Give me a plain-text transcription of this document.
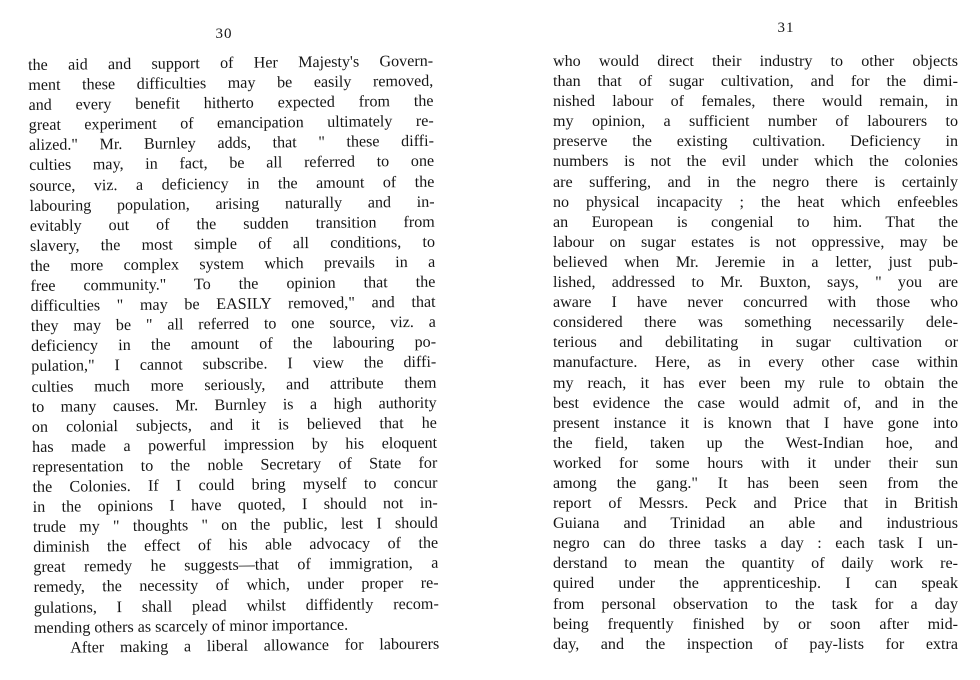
30
the aid and support of Her Majesty's Govern-
ment these difficulties may be easily removed,
and every benefit hitherto expected from the
great experiment of emancipation ultimately re-
alized." Mr. Burnley adds, that " these diffi-
culties may, in fact, be all referred to one
source, viz. a deficiency in the amount of the
labouring population, arising naturally and in-
evitably out of the sudden transition from
slavery, the most simple of all conditions, to
the more complex system which prevails in a
free community." To the opinion that the
difficulties " may be EASILY removed," and that
they may be " all referred to one source, viz. a
deficiency in the amount of the labouring po-
pulation," I cannot subscribe. I view the diffi-
culties much more seriously, and attribute them
to many causes. Mr. Burnley is a high authority
on colonial subjects, and it is believed that he
has made a powerful impression by his eloquent
representation to the noble Secretary of State for
the Colonies. If I could bring myself to concur
in the opinions I have quoted, I should not in-
trude my " thoughts " on the public, lest I should
diminish the effect of his able advocacy of the
great remedy he suggests—that of immigration, a
remedy, the necessity of which, under proper re-
gulations, I shall plead whilst diffidently recom-
mending others as scarcely of minor importance.
After making a liberal allowance for labourers
31
who would direct their industry to other objects
than that of sugar cultivation, and for the dimi-
nished labour of females, there would remain, in
my opinion, a sufficient number of labourers to
preserve the existing cultivation. Deficiency in
numbers is not the evil under which the colonies
are suffering, and in the negro there is certainly
no physical incapacity ; the heat which enfeebles
an European is congenial to him. That the
labour on sugar estates is not oppressive, may be
believed when Mr. Jeremie in a letter, just pub-
lished, addressed to Mr. Buxton, says, " you are
aware I have never concurred with those who
considered there was something necessarily dele-
terious and debilitating in sugar cultivation or
manufacture. Here, as in every other case within
my reach, it has ever been my rule to obtain the
best evidence the case would admit of, and in the
present instance it is known that I have gone into
the field, taken up the West-Indian hoe, and
worked for some hours with it under their sun
among the gang." It has been seen from the
report of Messrs. Peck and Price that in British
Guiana and Trinidad an able and industrious
negro can do three tasks a day : each task I un-
derstand to mean the quantity of daily work re-
quired under the apprenticeship. I can speak
from personal observation to the task for a day
being frequently finished by or soon after mid-
day, and the inspection of pay-lists for extra
